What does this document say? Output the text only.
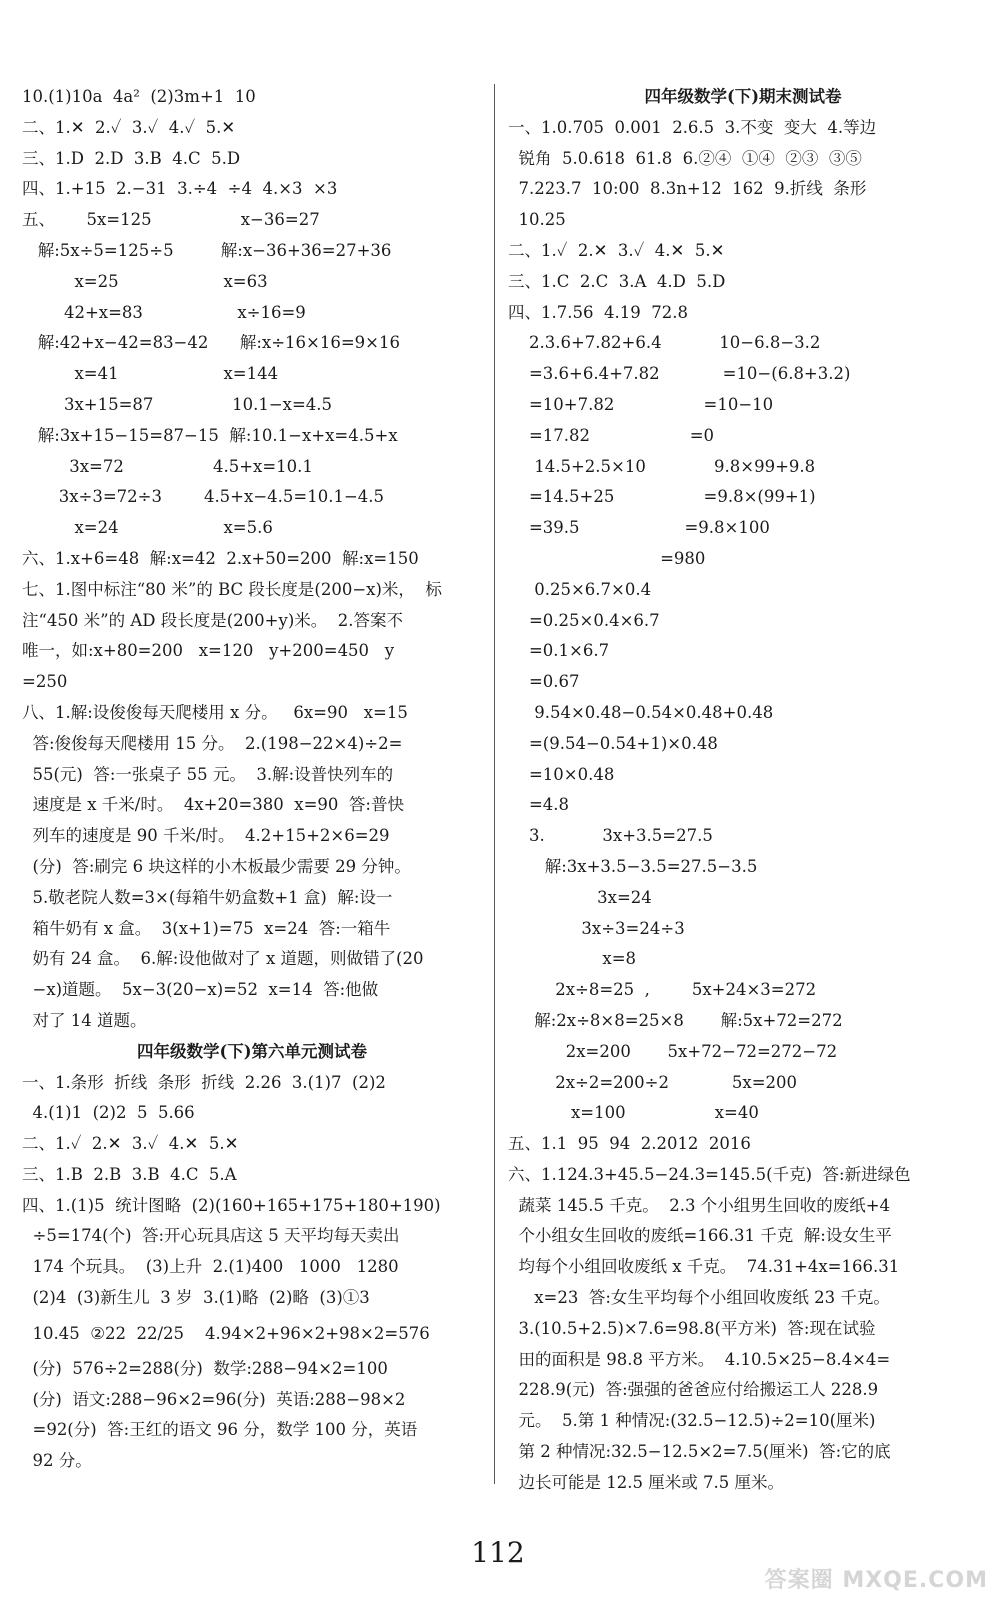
10.(1)10a  4a²  (2)3m+1  10
二、1.✕  2.✓  3.✓  4.✓  5.✕
三、1.D  2.D  3.B  4.C  5.D
四、1.+15  2.−31  3.÷4  ÷4  4.×3  ×3
五、      5x=125                 x−36=27
解:5x÷5=125÷5         解:x−36+36=27+36
x=25                    x=63
42+x=83                  x÷16=9
解:42+x−42=83−42      解:x÷16×16=9×16
x=41                    x=144
3x+15=87               10.1−x=4.5
解:3x+15−15=87−15  解:10.1−x+x=4.5+x
3x=72                 4.5+x=10.1
3x÷3=72÷3        4.5+x−4.5=10.1−4.5
x=24                    x=5.6
六、1.x+6=48  解:x=42  2.x+50=200  解:x=150
七、1.图中标注“80 米”的 BC 段长度是(200−x)米，  标
注“450 米”的 AD 段长度是(200+y)米。  2.答案不
唯一，如:x+80=200   x=120   y+200=450   y
=250
八、1.解:设俊俊每天爬楼用 x 分。   6x=90   x=15
答:俊俊每天爬楼用 15 分。  2.(198−22×4)÷2=
55(元)  答:一张桌子 55 元。  3.解:设普快列车的
速度是 x 千米/时。  4x+20=380  x=90  答:普快
列车的速度是 90 千米/时。  4.2+15+2×6=29
(分)  答:刷完 6 块这样的小木板最少需要 29 分钟。
5.敬老院人数=3×(每箱牛奶盒数+1 盒)  解:设一
箱牛奶有 x 盒。  3(x+1)=75  x=24  答:一箱牛
奶有 24 盒。  6.解:设他做对了 x 道题，则做错了(20
−x)道题。  5x−3(20−x)=52  x=14  答:他做
对了 14 道题。
四年级数学(下)第六单元测试卷
一、1.条形  折线  条形  折线  2.26  3.(1)7  (2)2
4.(1)1  (2)2  5  5.66
二、1.✓  2.✕  3.✓  4.✕  5.✕
三、1.B  2.B  3.B  4.C  5.A
四、1.(1)5  统计图略  (2)(160+165+175+180+190)
÷5=174(个)  答:开心玩具店这 5 天平均每天卖出
174 个玩具。  (3)上升  2.(1)400   1000   1280
(2)4  (3)新生儿  3 岁  3.(1)略  (2)略  (3)①3
10.45  ②22  22/25    4.94×2+96×2+98×2=576
(分)  576÷2=288(分)  数学:288−94×2=100
(分)  语文:288−96×2=96(分)  英语:288−98×2
=92(分)  答:王红的语文 96 分，数学 100 分，英语
92 分。
四年级数学(下)期末测试卷
一、1.0.705  0.001  2.6.5  3.不变  变大  4.等边
锐角  5.0.618  61.8  6.②④  ①④  ②③  ③⑤
7.223.7  10:00  8.3n+12  162  9.折线  条形
10.25
二、1.✓  2.✕  3.✓  4.✕  5.✕
三、1.C  2.C  3.A  4.D  5.D
四、1.7.56  4.19  72.8
2.3.6+7.82+6.4           10−6.8−3.2
=3.6+6.4+7.82            =10−(6.8+3.2)
=10+7.82                 =10−10
=17.82                   =0
14.5+2.5×10             9.8×99+9.8
=14.5+25                 =9.8×(99+1)
=39.5                    =9.8×100
=980
0.25×6.7×0.4
=0.25×0.4×6.7
=0.1×6.7
=0.67
9.54×0.48−0.54×0.48+0.48
=(9.54−0.54+1)×0.48
=10×0.48
=4.8
3.           3x+3.5=27.5
解:3x+3.5−3.5=27.5−3.5
3x=24
3x÷3=24÷3
x=8
2x÷8=25  ,        5x+24×3=272
解:2x÷8×8=25×8       解:5x+72=272
2x=200       5x+72−72=272−72
2x÷2=200÷2            5x=200
x=100                 x=40
五、1.1  95  94  2.2012  2016
六、1.124.3+45.5−24.3=145.5(千克)  答:新进绿色
蔬菜 145.5 千克。  2.3 个小组男生回收的废纸+4
个小组女生回收的废纸=166.31 千克  解:设女生平
均每个小组回收废纸 x 千克。  74.31+4x=166.31
x=23  答:女生平均每个小组回收废纸 23 千克。
3.(10.5+2.5)×7.6=98.8(平方米)  答:现在试验
田的面积是 98.8 平方米。  4.10.5×25−8.4×4=
228.9(元)  答:强强的爸爸应付给搬运工人 228.9
元。  5.第 1 种情况:(32.5−12.5)÷2=10(厘米)
第 2 种情况:32.5−12.5×2=7.5(厘米)  答:它的底
边长可能是 12.5 厘米或 7.5 厘米。
112
答案圈 MXQE.COM
